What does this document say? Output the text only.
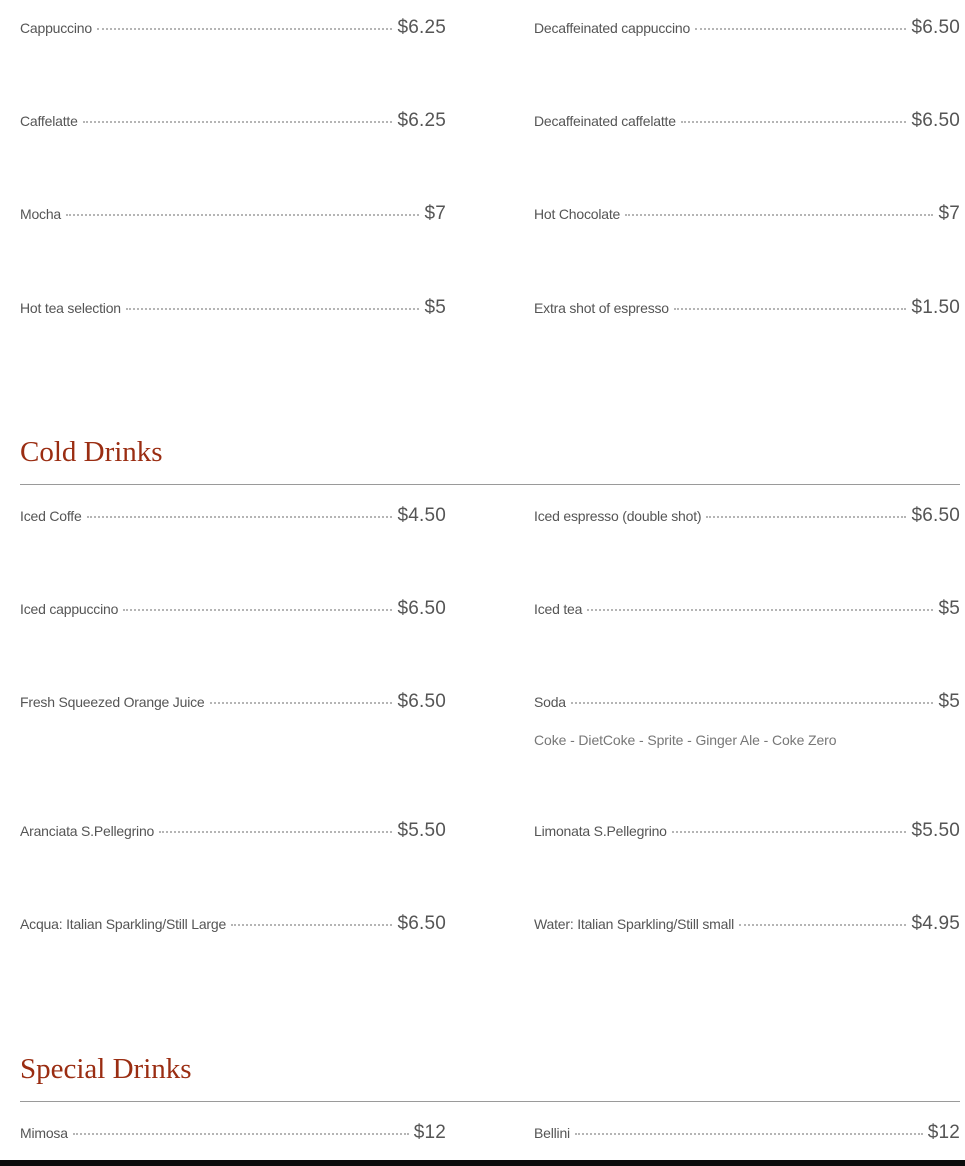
Cappuccino	$6.25	Decaffeinated cappuccino	$6.50
Caffelatte	$6.25	Decaffeinated caffelatte	$6.50
Mocha	$7	Hot Chocolate	$7
Hot tea selection	$5	Extra shot of espresso	$1.50
Cold Drinks
Iced Coffe	$4.50	Iced espresso (double shot)	$6.50
Iced cappuccino	$6.50	Iced tea	$5
Fresh Squeezed Orange Juice	$6.50	Soda	$5
Coke - DietCoke - Sprite - Ginger Ale - Coke Zero
Aranciata S.Pellegrino	$5.50	Limonata S.Pellegrino	$5.50
Acqua: Italian Sparkling/Still Large	$6.50	Water: Italian Sparkling/Still small	$4.95
Special Drinks
Mimosa	$12	Bellini	$12
